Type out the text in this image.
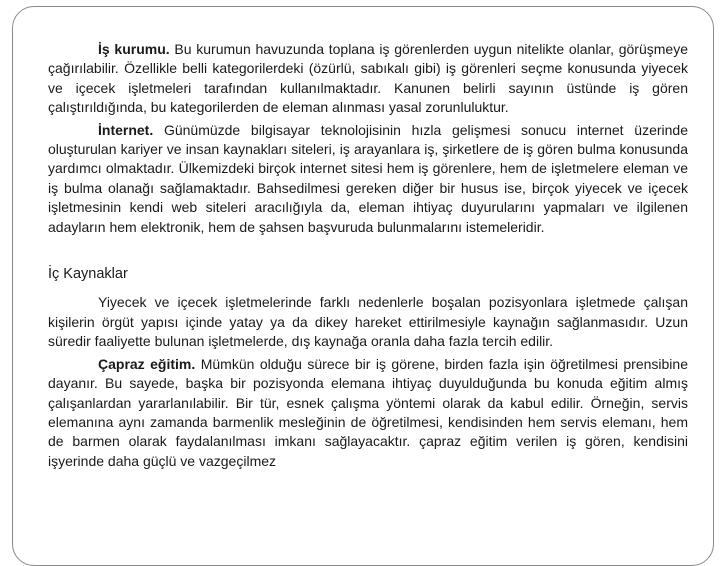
İş kurumu. Bu kurumun havuzunda toplana iş görenlerden uygun nitelikte olanlar, görüşmeye çağırılabilir. Özellikle belli kategorilerdeki (özürlü, sabıkalı gibi) iş görenleri seçme konusunda yiyecek ve içecek işletmeleri tarafından kullanılmaktadır. Kanunen belirli sayının üstünde iş gören çalıştırıldığında, bu kategorilerden de eleman alınması yasal zorunluluktur.

İnternet. Günümüzde bilgisayar teknolojisinin hızla gelişmesi sonucu internet üzerinde oluşturulan kariyer ve insan kaynakları siteleri, iş arayanlara iş, şirketlere de iş gören bulma konusunda yardımcı olmaktadır. Ülkemizdeki birçok internet sitesi hem iş görenlere, hem de işletmelere eleman ve iş bulma olanağı sağlamaktadır. Bahsedilmesi gereken diğer bir husus ise, birçok yiyecek ve içecek işletmesinin kendi web siteleri aracılığıyla da, eleman ihtiyaç duyurularını yapmaları ve ilgilenen adayların hem elektronik, hem de şahsen başvuruda bulunmalarını istemeleridir.

İç Kaynaklar

Yiyecek ve içecek işletmelerinde farklı nedenlerle boşalan pozisyonlara işletmede çalışan kişilerin örgüt yapısı içinde yatay ya da dikey hareket ettirilmesiyle kaynağın sağlanmasıdır. Uzun süredir faaliyette bulunan işletmelerde, dış kaynağa oranla daha fazla tercih edilir.

Çapraz eğitim. Mümkün olduğu sürece bir iş görene, birden fazla işin öğretilmesi prensibine dayanır. Bu sayede, başka bir pozisyonda elemana ihtiyaç duyulduğunda bu konuda eğitim almış çalışanlardan yararlanılabilir. Bir tür, esnek çalışma yöntemi olarak da kabul edilir. Örneğin, servis elemanına aynı zamanda barmenlik mesleğinin de öğretilmesi, kendisinden hem servis elemanı, hem de barmen olarak faydalanılması imkanı sağlayacaktır. çapraz eğitim verilen iş gören, kendisini işyerinde daha güçlü ve vazgeçilmez
